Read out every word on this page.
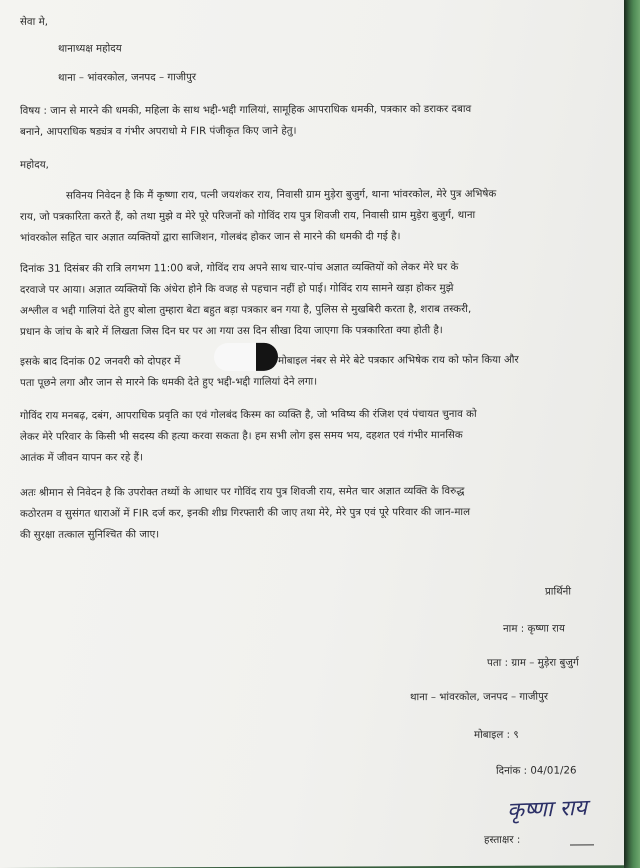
सेवा मे,
थानाध्यक्ष महोदय
थाना – भांवरकोल, जनपद – गाजीपुर
विषय : जान से मारने की धमकी, महिला के साथ भद्दी-भद्दी गालियां, सामूहिक आपराधिक धमकी, पत्रकार को डराकर दबाव
बनाने, आपराधिक षड्यंत्र व गंभीर अपराधो मे FIR पंजीकृत किए जाने हेतु।
महोदय,
सविनय निवेदन है कि मैं कृष्णा राय, पत्नी जयशंकर राय, निवासी ग्राम मुड़ेरा बुजुर्ग, थाना भांवरकोल, मेरे पुत्र अभिषेक
राय, जो पत्रकारिता करते हैं, को तथा मुझे व मेरे पूरे परिजनों को गोविंद राय पुत्र शिवजी राय, निवासी ग्राम मुड़ेरा बुजुर्ग, थाना
भांवरकोल सहित चार अज्ञात व्यक्तियों द्वारा साजिशन, गोलबंद होकर जान से मारने की धमकी दी गई है।
दिनांक 31 दिसंबर की रात्रि लगभग 11:00 बजे, गोविंद राय अपने साथ चार-पांच अज्ञात व्यक्तियों को लेकर मेरे घर के
दरवाजे पर आया। अज्ञात व्यक्तियों कि अंधेरा होने कि वजह से पहचान नहीं हो पाई। गोविंद राय सामने खड़ा होकर मुझे
अश्लील व भद्दी गालियां देते हुए बोला तुम्हारा बेटा बहुत बड़ा पत्रकार बन गया है, पुलिस से मुखबिरी करता है, शराब तस्करी,
प्रधान के जांच के बारे में लिखता जिस दिन घर पर आ गया उस दिन सीखा दिया जाएगा कि पत्रकारिता क्या होती है।
इसके बाद दिनांक 02 जनवरी को दोपहर में	मोबाइल नंबर से मेरे बेटे पत्रकार अभिषेक राय को फोन किया और
पता पूछने लगा और जान से मारने कि धमकी देते हुए भद्दी-भद्दी गालियां देने लगा।
गोविंद राय मनबढ़, दबंग, आपराधिक प्रवृति का एवं गोलबंद किस्म का व्यक्ति है, जो भविष्य की रंजिश एवं पंचायत चुनाव को
लेकर मेरे परिवार के किसी भी सदस्य की हत्या करवा सकता है। हम सभी लोग इस समय भय, दहशत एवं गंभीर मानसिक
आतंक में जीवन यापन कर रहे हैं।
अतः श्रीमान से निवेदन है कि उपरोक्त तथ्यों के आधार पर गोविंद राय पुत्र शिवजी राय, समेत चार अज्ञात व्यक्ति के विरुद्ध
कठोरतम व सुसंगत धाराओं में FIR दर्ज कर, इनकी शीघ्र गिरफ्तारी की जाए तथा मेरे, मेरे पुत्र एवं पूरे परिवार की जान-माल
की सुरक्षा तत्काल सुनिश्चित की जाए।
प्रार्थिनी
नाम : कृष्णा राय
पता : ग्राम – मुड़ेरा बुजुर्ग
थाना – भांवरकोल, जनपद – गाजीपुर
मोबाइल : ९
दिनांक : 04/01/26
कृष्णा राय
हस्ताक्षर :
